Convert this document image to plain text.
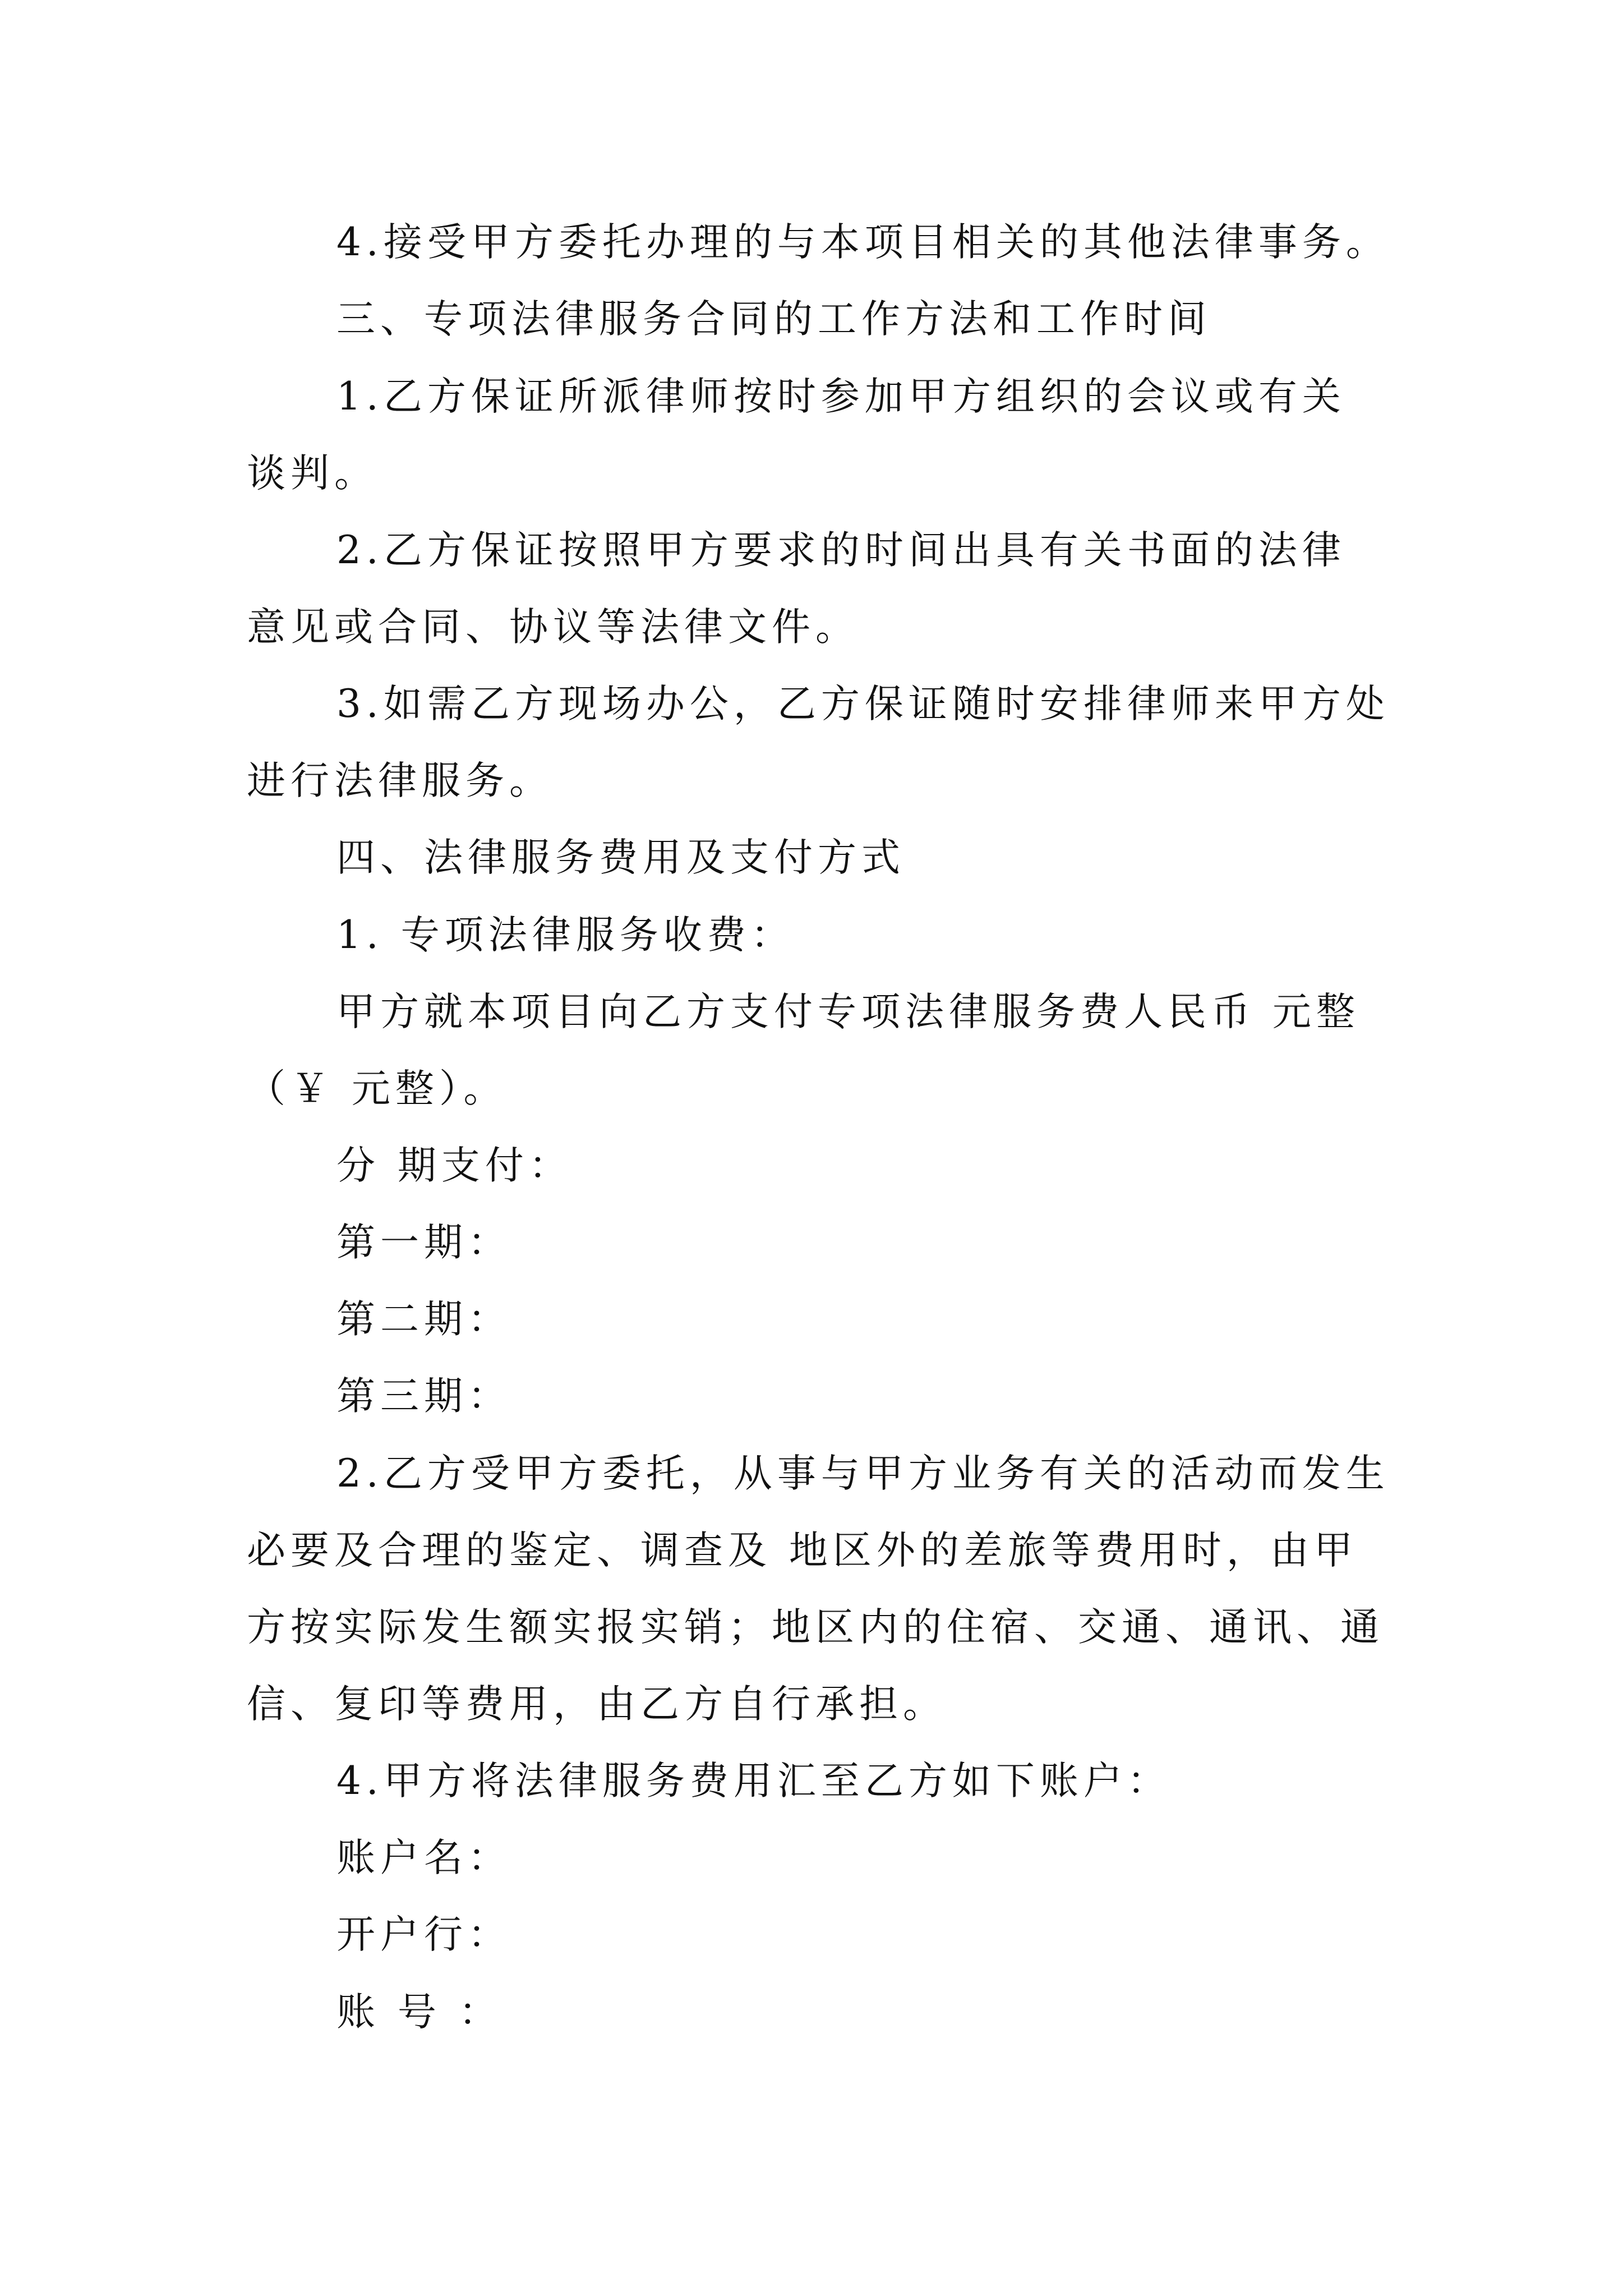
4.接受甲方委托办理的与本项目相关的其他法律事务。
三、专项法律服务合同的工作方法和工作时间
1.乙方保证所派律师按时参加甲方组织的会议或有关
谈判。
2.乙方保证按照甲方要求的时间出具有关书面的法律
意见或合同、协议等法律文件。
3.如需乙方现场办公，乙方保证随时安排律师来甲方处
进行法律服务。
四、法律服务费用及支付方式
1. 专项法律服务收费：
甲方就本项目向乙方支付专项法律服务费人民币 元整
（￥ 元整）。
分 期支付：
第一期：
第二期：
第三期：
2.乙方受甲方委托，从事与甲方业务有关的活动而发生
必要及合理的鉴定、调查及 地区外的差旅等费用时，由甲
方按实际发生额实报实销；地区内的住宿、交通、通讯、通
信、复印等费用，由乙方自行承担。
4.甲方将法律服务费用汇至乙方如下账户：
账户名：
开户行：
账 号 ：
